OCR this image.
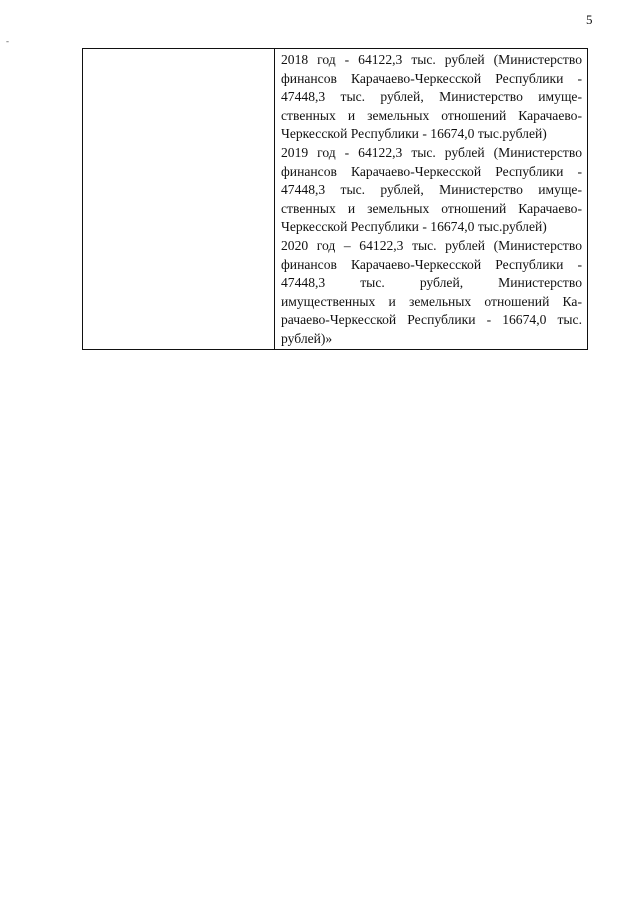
5
-

2018 год - 64122,3 тыс. рублей (Министерство финансов Карачаево-Черкесской Республики - 47448,3 тыс. рублей, Министерство имущественных и земельных отношений Карачаево-Черкесской Республики - 16674,0 тыс.рублей)

2019 год - 64122,3 тыс. рублей (Министерство финансов Карачаево-Черкесской Республики - 47448,3 тыс. рублей, Министерство имущественных и земельных отношений Карачаево-Черкесской Республики - 16674,0 тыс.рублей)

2020 год – 64122,3 тыс. рублей (Министерство финансов Карачаево-Черкесской Республики - 47448,3 тыс. рублей, Министерство имущественных и земельных отношений Карачаево-Черкесской Республики - 16674,0 тыс. рублей)»
